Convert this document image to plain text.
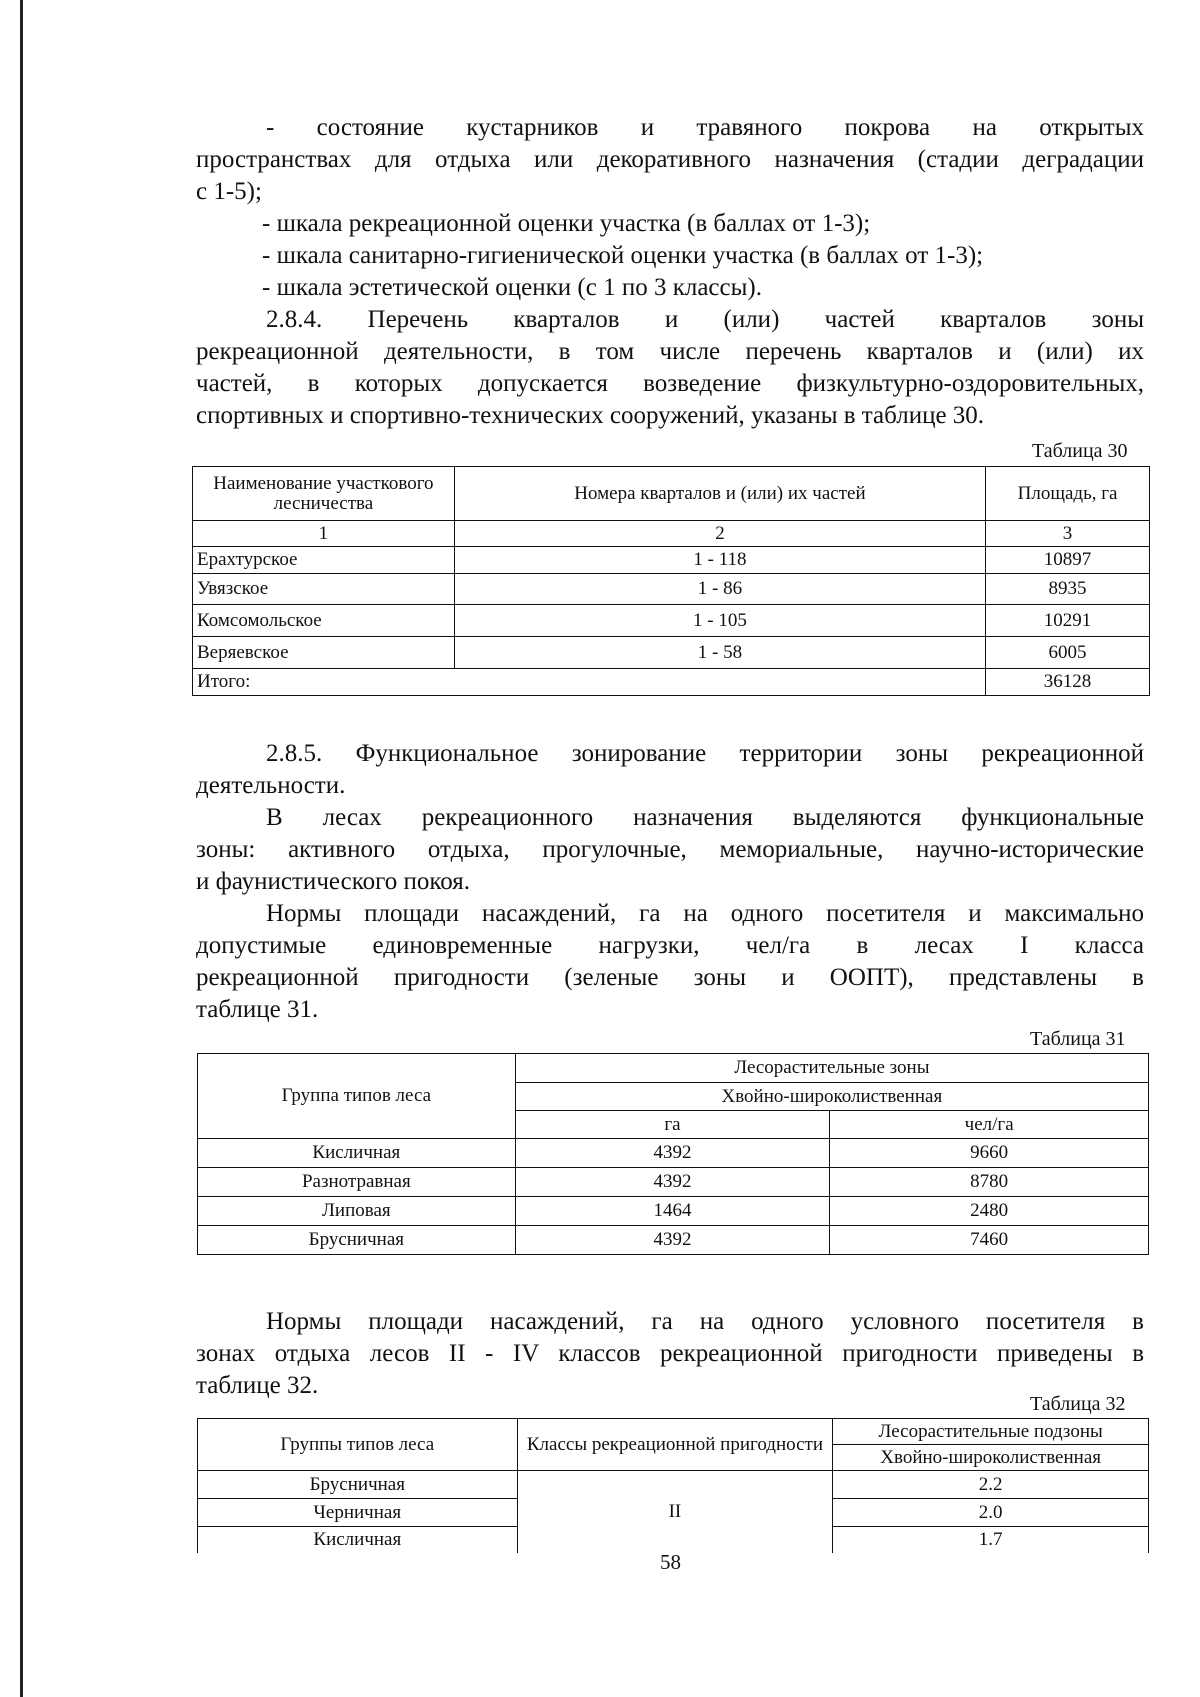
- состояние кустарников и травяного покрова на открытых
пространствах для отдыха или декоративного назначения (стадии деградации
с 1-5);

- шкала рекреационной оценки участка (в баллах от 1-3);

- шкала санитарно-гигиенической оценки участка (в баллах от 1-3);

- шкала эстетической оценки (с 1 по 3 классы).

2.8.4. Перечень кварталов и (или) частей кварталов зоны
рекреационной деятельности, в том числе перечень кварталов и (или) их
частей, в которых допускается возведение физкультурно-оздоровительных,
спортивных и спортивно-технических сооружений, указаны в таблице 30.
Таблица 30
Наименование участкового лесничества	Номера кварталов и (или) их частей	Площадь, га
1	2	3
Ерахтурское	1 - 118	10897
Увязское	1 - 86	8935
Комсомольское	1 - 105	10291
Веряевское	1 - 58	6005
Итого:		36128
2.8.5. Функциональное зонирование территории зоны рекреационной
деятельности.
В лесах рекреационного назначения выделяются функциональные
зоны: активного отдыха, прогулочные, мемориальные, научно-исторические
и фаунистического покоя.
Нормы площади насаждений, га на одного посетителя и максимально
допустимые единовременные нагрузки, чел/га в лесах I класса
рекреационной пригодности (зеленые зоны и ООПТ), представлены в
таблице 31.
Таблица 31
Группа типов леса	Лесорастительные зоны	
	Хвойно-широколиственная	
	га	чел/га
Кисличная	4392	9660
Разнотравная	4392	8780
Липовая	1464	2480
Брусничная	4392	7460
Нормы площади насаждений, га на одного условного посетителя в
зонах отдыха лесов II - IV классов рекреационной пригодности приведены в
таблице 32.
Таблица 32
Группы типов леса	Классы рекреационной пригодности	Лесорастительные подзоны
		Хвойно-широколиственная
Брусничная	II	2.2
Черничная		2.0
Кисличная		1.7
58
